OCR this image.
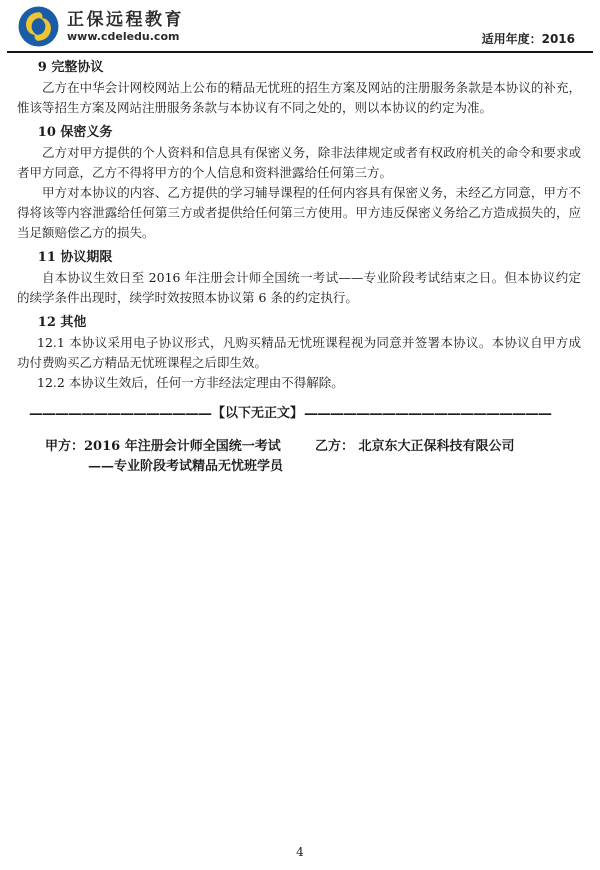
正保远程教育
www.cdeledu.com	适用年度：2016
9 完整协议

乙方在中华会计网校网站上公布的精品无忧班的招生方案及网站的注册服务条款是本协议的补充，惟该等招生方案及网站注册服务条款与本协议有不同之处的，则以本协议的约定为准。

10 保密义务

乙方对甲方提供的个人资料和信息具有保密义务，除非法律规定或者有权政府机关的命令和要求或者甲方同意，乙方不得将甲方的个人信息和资料泄露给任何第三方。

甲方对本协议的内容、乙方提供的学习辅导课程的任何内容具有保密义务，未经乙方同意，甲方不得将该等内容泄露给任何第三方或者提供给任何第三方使用。甲方违反保密义务给乙方造成损失的，应当足额赔偿乙方的损失。

11 协议期限

自本协议生效日至 2016 年注册会计师全国统一考试——专业阶段考试结束之日。但本协议约定的续学条件出现时，续学时效按照本协议第 6 条的约定执行。

12 其他

12.1 本协议采用电子协议形式，凡购买精品无忧班课程视为同意并签署本协议。本协议自甲方成功付费购买乙方精品无忧班课程之后即生效。

12.2 本协议生效后，任何一方非经法定理由不得解除。

—————————————— 【以下无正文】 ———————————————————
甲方：2016 年注册会计师全国统一考试
——专业阶段考试精品无忧班学员
乙方： 北京东大正保科技有限公司
4
